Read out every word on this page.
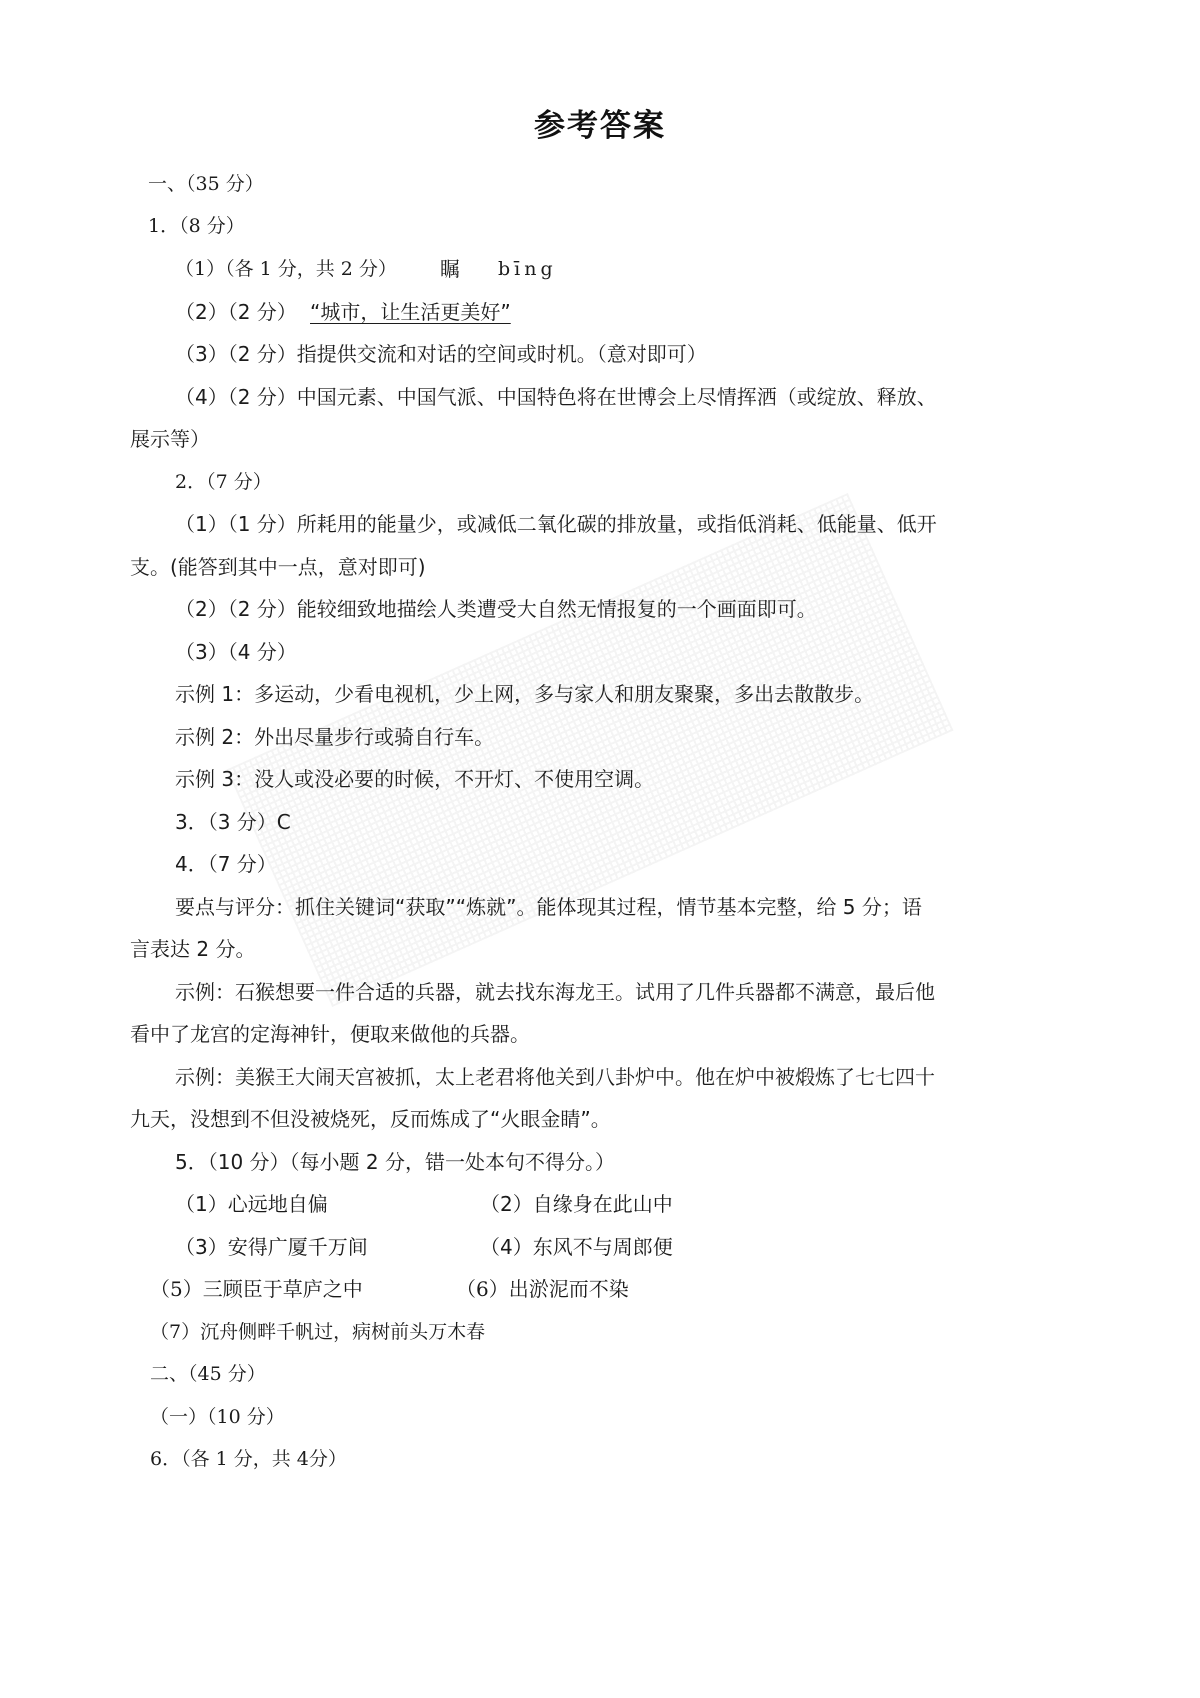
参考答案
一、（35 分）
1．（8 分）
（1）（各 1 分，共 2 分） 瞩 bīng
（2）（2 分） “城市，让生活更美好”
（3）（2 分）指提供交流和对话的空间或时机。（意对即可）
（4）（2 分）中国元素、中国气派、中国特色将在世博会上尽情挥洒（或绽放、释放、
展示等）
2．（7 分）
（1）（1 分）所耗用的能量少，或减低二氧化碳的排放量，或指低消耗、低能量、低开
支。(能答到其中一点，意对即可)
（2）（2 分）能较细致地描绘人类遭受大自然无情报复的一个画面即可。
（3）（4 分）
示例 1：多运动，少看电视机，少上网，多与家人和朋友聚聚，多出去散散步。
示例 2：外出尽量步行或骑自行车。
示例 3：没人或没必要的时候，不开灯、不使用空调。
3．（3 分）C
4．（7 分）
要点与评分：抓住关键词“获取”“炼就”。能体现其过程，情节基本完整，给 5 分；语
言表达 2 分。
示例：石猴想要一件合适的兵器，就去找东海龙王。试用了几件兵器都不满意，最后他
看中了龙宫的定海神针，便取来做他的兵器。
示例：美猴王大闹天宫被抓，太上老君将他关到八卦炉中。他在炉中被煅炼了七七四十
九天，没想到不但没被烧死，反而炼成了“火眼金睛”。
5．（10 分）（每小题 2 分，错一处本句不得分。）
（1）心远地自偏	（2）自缘身在此山中
（3）安得广厦千万间	（4）东风不与周郎便
（5）三顾臣于草庐之中	（6）出淤泥而不染
（7）沉舟侧畔千帆过，病树前头万木春
二、（45 分）
（一）（10 分）
6．（各 1 分，共 4分）
